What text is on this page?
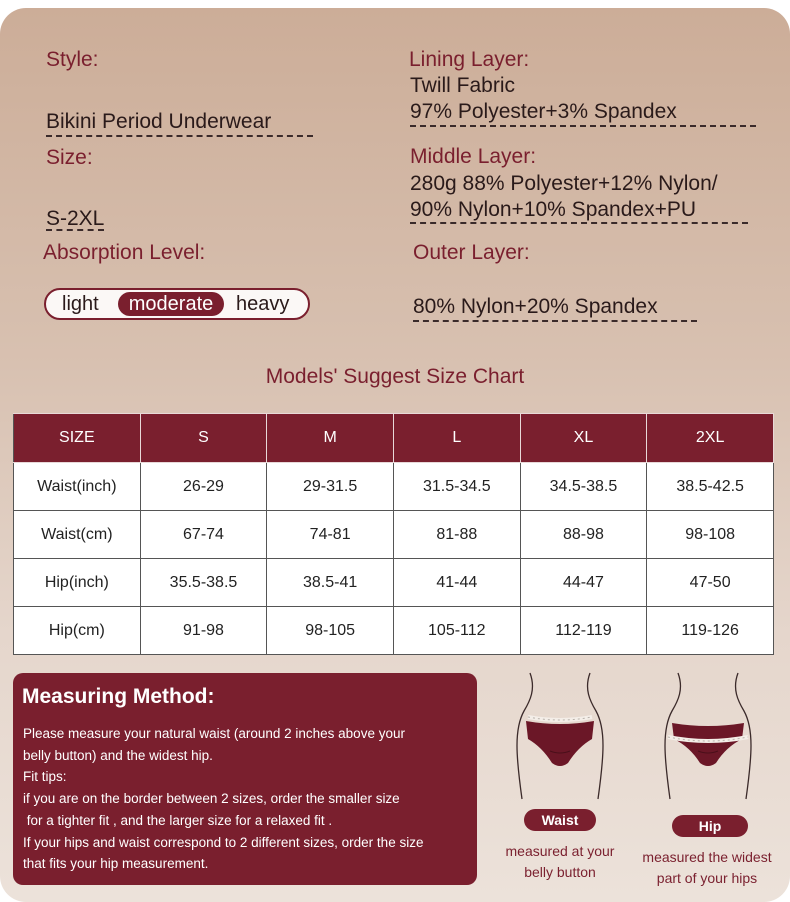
Style:
Bikini Period Underwear
Size:
S-2XL
Absorption Level:
light	moderate	heavy
Lining Layer:
Twill Fabric
97% Polyester+3% Spandex
Middle Layer:
280g 88% Polyester+12% Nylon/
90% Nylon+10% Spandex+PU
Outer Layer:
80% Nylon+20% Spandex
Models' Suggest Size Chart
SIZE	S	M	L	XL	2XL
Waist(inch)	26-29	29-31.5	31.5-34.5	34.5-38.5	38.5-42.5
Waist(cm)	67-74	74-81	81-88	88-98	98-108
Hip(inch)	35.5-38.5	38.5-41	41-44	44-47	47-50
Hip(cm)	91-98	98-105	105-112	112-119	119-126
Measuring Method:
Please measure your natural waist (around 2 inches above your
belly button) and the widest hip.
Fit tips:
if you are on the border between 2 sizes, order the smaller size
for a tighter fit , and the larger size for a relaxed fit .
If your hips and waist correspond to 2 different sizes, order the size
that fits your hip measurement.
Waist
measured at your
belly button
Hip
measured the widest
part of your hips
